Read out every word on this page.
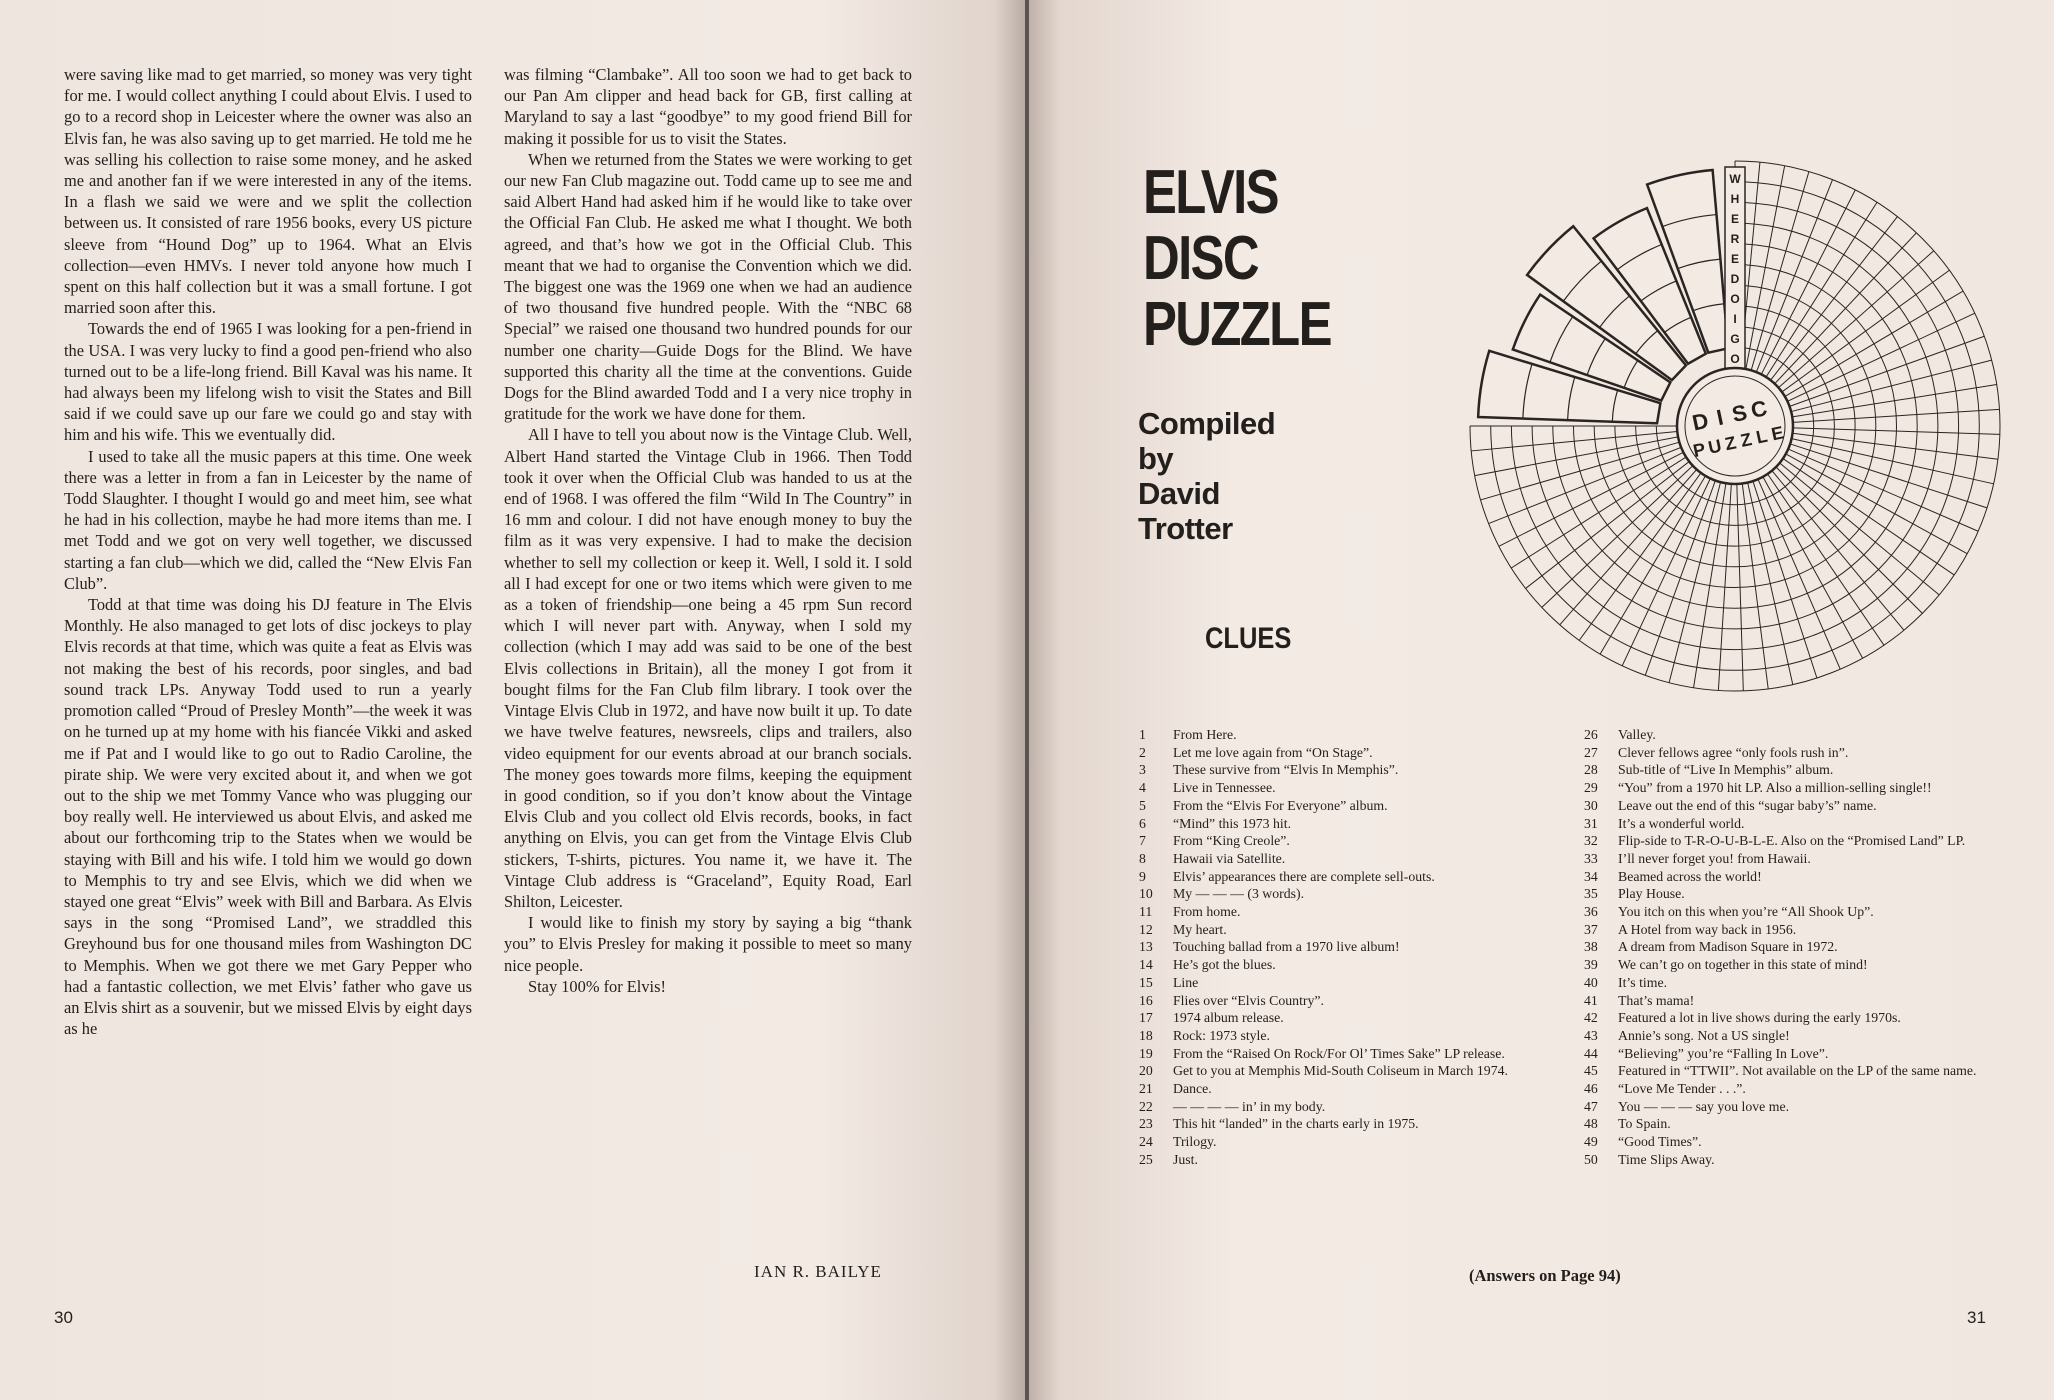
were saving like mad to get married, so money was very tight for me. I would collect anything I could about Elvis. I used to go to a record shop in Leicester where the owner was also an Elvis fan, he was also saving up to get married. He told me he was selling his collection to raise some money, and he asked me and another fan if we were interested in any of the items. In a flash we said we were and we split the collection between us. It consisted of rare 1956 books, every US picture sleeve from “Hound Dog” up to 1964. What an Elvis collection—even HMVs. I never told anyone how much I spent on this half collection but it was a small fortune. I got married soon after this.

Towards the end of 1965 I was looking for a pen-friend in the USA. I was very lucky to find a good pen-friend who also turned out to be a life-long friend. Bill Kaval was his name. It had always been my lifelong wish to visit the States and Bill said if we could save up our fare we could go and stay with him and his wife. This we eventually did.

I used to take all the music papers at this time. One week there was a letter in from a fan in Leicester by the name of Todd Slaughter. I thought I would go and meet him, see what he had in his collection, maybe he had more items than me. I met Todd and we got on very well together, we discussed starting a fan club—which we did, called the “New Elvis Fan Club”.

Todd at that time was doing his DJ feature in The Elvis Monthly. He also managed to get lots of disc jockeys to play Elvis records at that time, which was quite a feat as Elvis was not making the best of his records, poor singles, and bad sound track LPs. Anyway Todd used to run a yearly promotion called “Proud of Presley Month”—the week it was on he turned up at my home with his fiancée Vikki and asked me if Pat and I would like to go out to Radio Caroline, the pirate ship. We were very excited about it, and when we got out to the ship we met Tommy Vance who was plugging our boy really well. He interviewed us about Elvis, and asked me about our forthcoming trip to the States when we would be staying with Bill and his wife. I told him we would go down to Memphis to try and see Elvis, which we did when we stayed one great “Elvis” week with Bill and Barbara. As Elvis says in the song “Promised Land”, we straddled this Greyhound bus for one thousand miles from Washington DC to Memphis. When we got there we met Gary Pepper who had a fantastic collection, we met Elvis’ father who gave us an Elvis shirt as a souvenir, but we missed Elvis by eight days as he

was filming “Clambake”. All too soon we had to get back to our Pan Am clipper and head back for GB, first calling at Maryland to say a last “goodbye” to my good friend Bill for making it possible for us to visit the States.

When we returned from the States we were working to get our new Fan Club magazine out. Todd came up to see me and said Albert Hand had asked him if he would like to take over the Official Fan Club. He asked me what I thought. We both agreed, and that’s how we got in the Official Club. This meant that we had to organise the Convention which we did. The biggest one was the 1969 one when we had an audience of two thousand five hundred people. With the “NBC 68 Special” we raised one thousand two hundred pounds for our number one charity—Guide Dogs for the Blind. We have supported this charity all the time at the conventions. Guide Dogs for the Blind awarded Todd and I a very nice trophy in gratitude for the work we have done for them.

All I have to tell you about now is the Vintage Club. Well, Albert Hand started the Vintage Club in 1966. Then Todd took it over when the Official Club was handed to us at the end of 1968. I was offered the film “Wild In The Country” in 16 mm and colour. I did not have enough money to buy the film as it was very expensive. I had to make the decision whether to sell my collection or keep it. Well, I sold it. I sold all I had except for one or two items which were given to me as a token of friendship—one being a 45 rpm Sun record which I will never part with. Anyway, when I sold my collection (which I may add was said to be one of the best Elvis collections in Britain), all the money I got from it bought films for the Fan Club film library. I took over the Vintage Elvis Club in 1972, and have now built it up. To date we have twelve features, newsreels, clips and trailers, also video equipment for our events abroad at our branch socials. The money goes towards more films, keeping the equipment in good condition, so if you don’t know about the Vintage Elvis Club and you collect old Elvis records, books, in fact anything on Elvis, you can get from the Vintage Elvis Club stickers, T-shirts, pictures. You name it, we have it. The Vintage Club address is “Graceland”, Equity Road, Earl Shilton, Leicester.

I would like to finish my story by saying a big “thank you” to Elvis Presley for making it possible to meet so many nice people.

Stay 100% for Elvis!

IAN R. BAILYE
30
ELVIS
DISC
PUZZLE
Compiled
by
David
Trotter
CLUES
W
H
E
R
E
D
O
I
G
O
D I S C
P U Z Z L E
1	From Here.
2	Let me love again from “On Stage”.
3	These survive from “Elvis In Memphis”.
4	Live in Tennessee.
5	From the “Elvis For Everyone” album.
6	“Mind” this 1973 hit.
7	From “King Creole”.
8	Hawaii via Satellite.
9	Elvis’ appearances there are complete sell-outs.
10	My — — — (3 words).
11	From home.
12	My heart.
13	Touching ballad from a 1970 live album!
14	He’s got the blues.
15	Line
16	Flies over “Elvis Country”.
17	1974 album release.
18	Rock: 1973 style.
19	From the “Raised On Rock/For Ol’ Times Sake” LP release.
20	Get to you at Memphis Mid-South Coliseum in March 1974.
21	Dance.
22	— — — — in’ in my body.
23	This hit “landed” in the charts early in 1975.
24	Trilogy.
25	Just.
26	Valley.
27	Clever fellows agree “only fools rush in”.
28	Sub-title of “Live In Memphis” album.
29	“You” from a 1970 hit LP. Also a million-selling single!!
30	Leave out the end of this “sugar baby’s” name.
31	It’s a wonderful world.
32	Flip-side to T-R-O-U-B-L-E. Also on the “Promised Land” LP.
33	I’ll never forget you! from Hawaii.
34	Beamed across the world!
35	Play House.
36	You itch on this when you’re “All Shook Up”.
37	A Hotel from way back in 1956.
38	A dream from Madison Square in 1972.
39	We can’t go on together in this state of mind!
40	It’s time.
41	That’s mama!
42	Featured a lot in live shows during the early 1970s.
43	Annie’s song. Not a US single!
44	“Believing” you’re “Falling In Love”.
45	Featured in “TTWII”. Not available on the LP of the same name.
46	“Love Me Tender . . .”.
47	You — — — say you love me.
48	To Spain.
49	“Good Times”.
50	Time Slips Away.
(Answers on Page 94)
31
